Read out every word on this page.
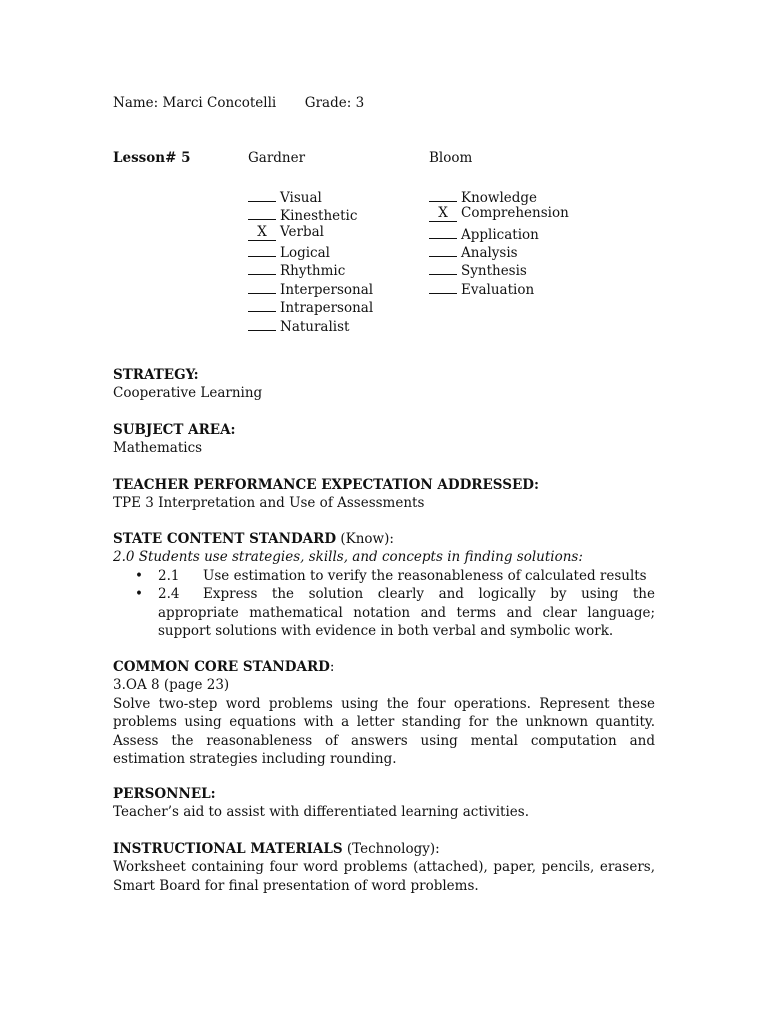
Name: Marci Concotelli Grade: 3
Lesson# 5	Gardner
Visual
Kinesthetic
X Verbal
Logical
Rhythmic
Interpersonal
Intrapersonal
Naturalist
Bloom
Knowledge
X Comprehension
Application
Analysis
Synthesis
Evaluation
STRATEGY:
Cooperative Learning
SUBJECT AREA:
Mathematics
TEACHER PERFORMANCE EXPECTATION ADDRESSED:
TPE 3 Interpretation and Use of Assessments
STATE CONTENT STANDARD (Know):
2.0 Students use strategies, skills, and concepts in finding solutions:
• 2.1 Use estimation to verify the reasonableness of calculated results
• 2.4 Express the solution clearly and logically by using the appropriate mathematical notation and terms and clear language; support solutions with evidence in both verbal and symbolic work.
COMMON CORE STANDARD:
3.OA 8 (page 23)
Solve two-step word problems using the four operations. Represent these problems using equations with a letter standing for the unknown quantity. Assess the reasonableness of answers using mental computation and estimation strategies including rounding.
PERSONNEL:
Teacher’s aid to assist with differentiated learning activities.
INSTRUCTIONAL MATERIALS (Technology):
Worksheet containing four word problems (attached), paper, pencils, erasers, Smart Board for final presentation of word problems.
